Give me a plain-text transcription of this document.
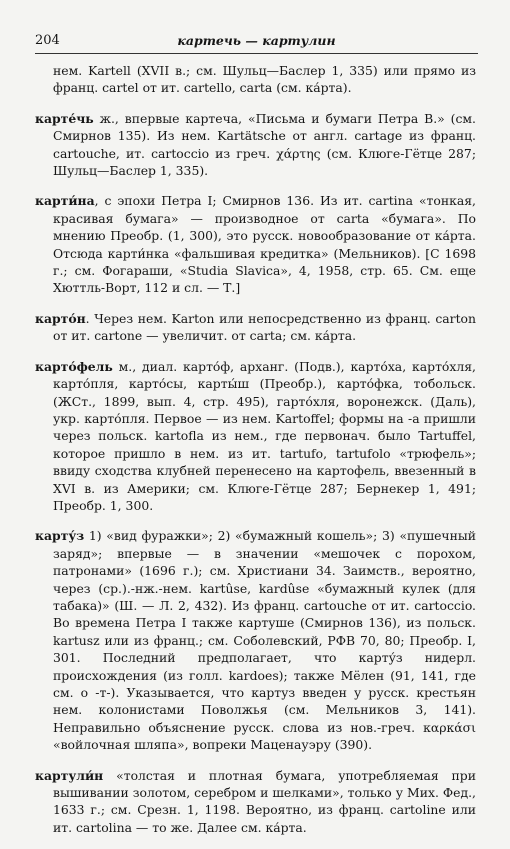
204	картечь — картулин

нем. Kartell (XVII в.; см. Шульц—Баслер 1, 335) или прямо из франц. cartel от ит. cartello, carta (см. ка́рта).

карте́чь ж., впервые картеча, «Письма и бумаги Петра В.» (см. Смирнов 135). Из нем. Kartätsche от англ. cartage из франц. cartouche, ит. cartoccio из греч. χάρτης (см. Клюге-Гётце 287; Шульц—Баслер 1, 335).

карти́на, с эпохи Петра I; Смирнов 136. Из ит. cartina «тонкая, красивая бумага» — производное от carta «бумага». По мнению Преобр. (1, 300), это русск. новообразование от ка́рта. Отсюда карти́нка «фальшивая кредитка» (Мельников). [С 1698 г.; см. Фогараши, «Studia Slavica», 4, 1958, стр. 65. См. еще Хюттль-Ворт, 112 и сл. — Т.]

карто́н. Через нем. Karton или непосредственно из франц. carton от ит. cartone — увеличит. от carta; см. ка́рта.

карто́фель м., диал. карто́ф, арханг. (Подв.), карто́ха, карто́хля, карто́пля, карто́сы, карты́ш (Преобр.), карто́фка, тобольск. (ЖСт., 1899, вып. 4, стр. 495), гарто́хля, воронежск. (Даль), укр. карто́пля. Первое — из нем. Kartoffel; формы на -а пришли через польск. kartofla из нем., где первонач. было Tartuffel, которое пришло в нем. из ит. tartufo, tartufolo «трюфель»; ввиду сходства клубней перенесено на картофель, ввезенный в XVI в. из Америки; см. Клюге-Гётце 287; Бернекер 1, 491; Преобр. 1, 300.

карту́з 1) «вид фуражки»; 2) «бумажный кошель»; 3) «пушечный заряд»; впервые — в значении «мешочек с порохом, патронами» (1696 г.); см. Христиани 34. Заимств., вероятно, через (ср.).-нж.-нем. kartûse, kardûse «бумажный кулек (для табака)» (Ш. — Л. 2, 432). Из франц. cartouche от ит. cartoccio. Во времена Петра I также картуше (Смирнов 136), из польск. kartusz или из франц.; см. Соболевский, РФВ 70, 80; Преобр. I, 301. Последний предполагает, что карту́з нидерл. происхождения (из голл. kardoes); также Мёлен (91, 141, где см. о -т-). Указывается, что картуз введен у русск. крестьян нем. колонистами Поволжья (см. Мельников 3, 141). Неправильно объяснение русск. слова из нов.-греч. καρκάσι «войлочная шляпа», вопреки Маценауэру (390).

картули́н «толстая и плотная бумага, употребляемая при вышивании золотом, серебром и шелками», только у Мих. Фед., 1633 г.; см. Срезн. 1, 1198. Вероятно, из франц. cartoline или ит. cartolina — то же. Далее см. ка́рта.
